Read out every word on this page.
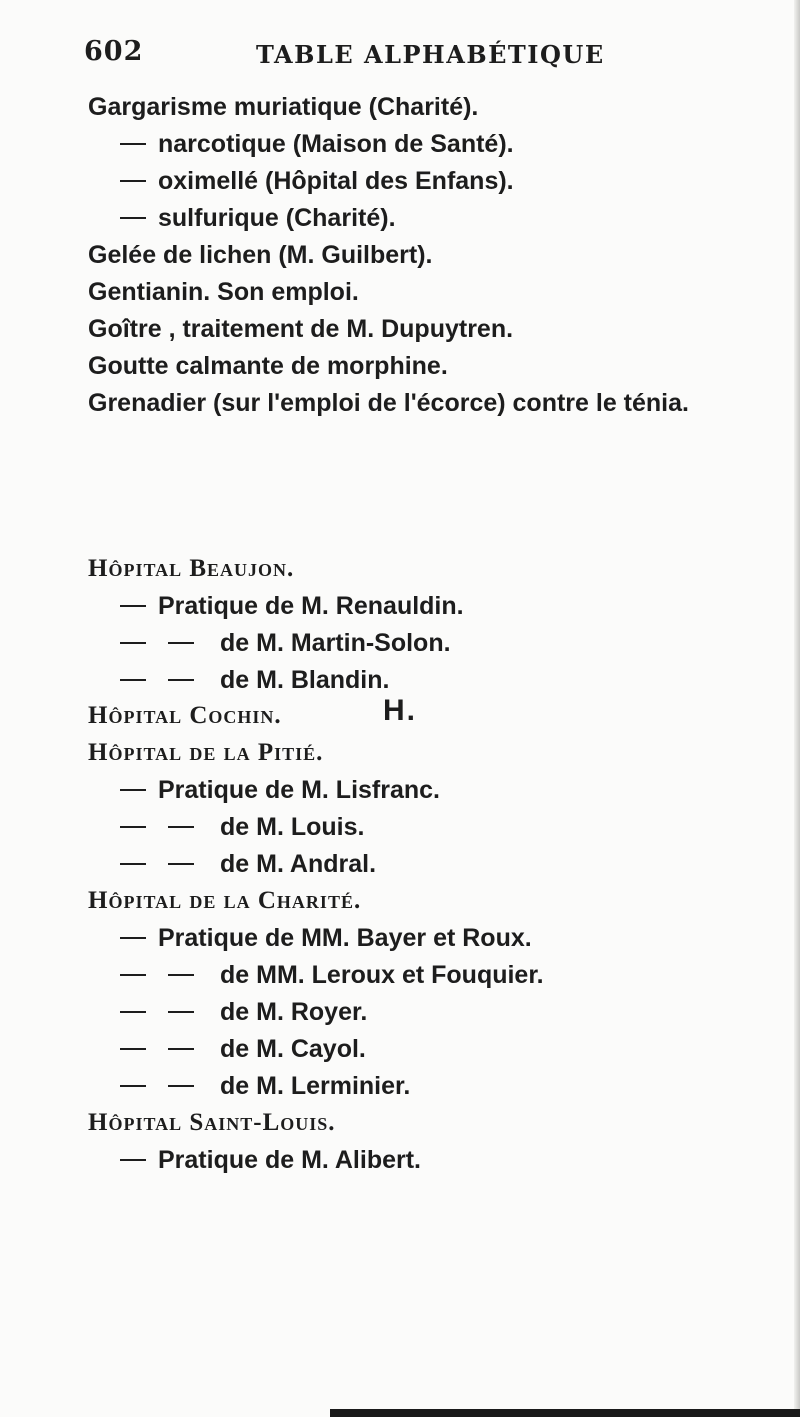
602	TABLE ALPHABÉTIQUE
H.
Gargarisme muriatique (Charité).
narcotique (Maison de Santé).
oximellé (Hôpital des Enfans).
sulfurique (Charité).
Gelée de lichen (M. Guilbert).
Gentianin. Son emploi.
Goître , traitement de M. Dupuytren.
Goutte calmante de morphine.
Grenadier (sur l'emploi de l'écorce) contre le ténia.
Hôpital Beaujon.
Pratique de M. Renauldin.
de M. Martin-Solon.
de M. Blandin.
Hôpital Cochin.
Hôpital de la Pitié.
Pratique de M. Lisfranc.
de M. Louis.
de M. Andral.
Hôpital de la Charité.
Pratique de MM. Bayer et Roux.
de MM. Leroux et Fouquier.
de M. Royer.
de M. Cayol.
de M. Lerminier.
Hôpital Saint-Louis.
Pratique de M. Alibert.
